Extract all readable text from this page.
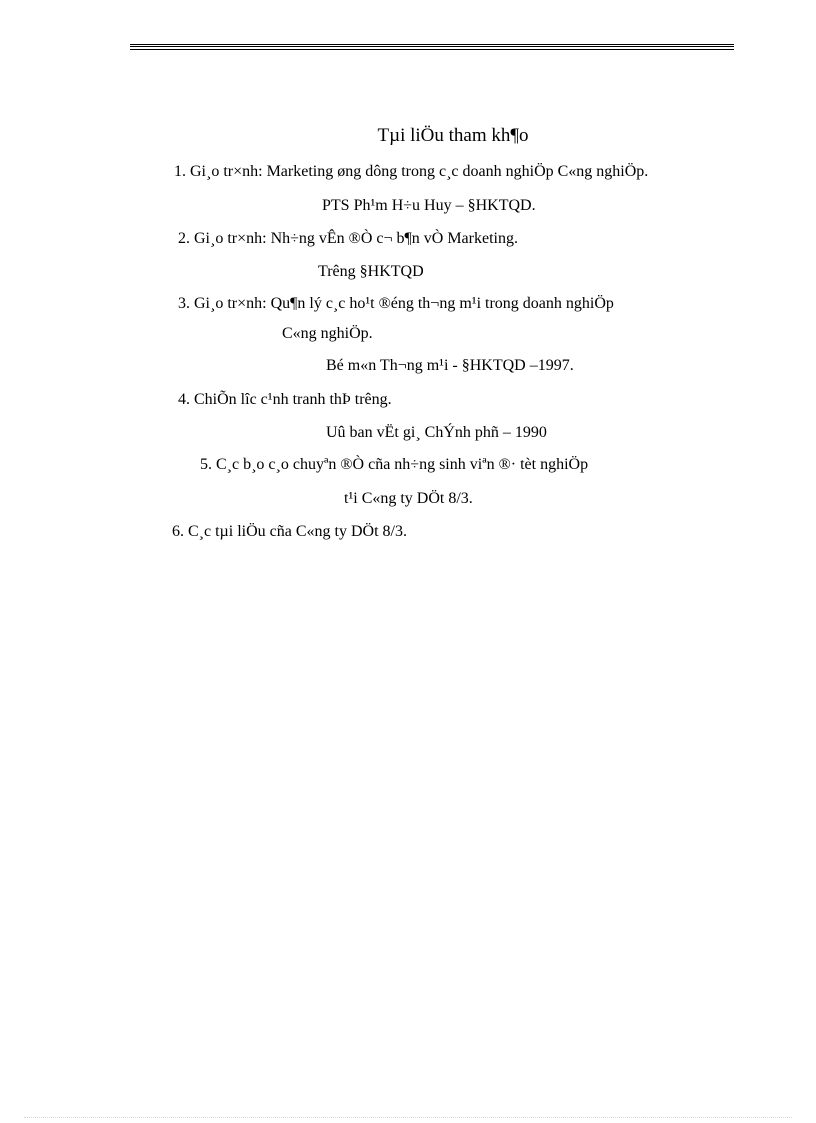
Tµi liÖu tham kh¶o
1. Gi¸o tr×nh: Marketing øng dông trong c¸c doanh nghiÖp C«ng nghiÖp.
PTS Ph¹m H÷u Huy – §HKTQD.
2. Gi¸o tr×nh: Nh÷ng vÊn ®Ò c¬ b¶n vÒ Marketing.
Trêng §HKTQD
3. Gi¸o tr×nh: Qu¶n lý c¸c ho¹t ®éng th¬ng m¹i trong doanh nghiÖp
C«ng nghiÖp.
Bé m«n Th¬ng m¹i - §HKTQD –1997.
4. ChiÕn lîc c¹nh tranh thÞ trêng.
Uû ban vËt gi¸ ChÝnh phñ – 1990
5. C¸c b¸o c¸o chuyªn ®Ò cña nh÷ng sinh viªn ®· tèt nghiÖp
t¹i C«ng ty DÖt 8/3.
6. C¸c tµi liÖu cña C«ng ty DÖt 8/3.
